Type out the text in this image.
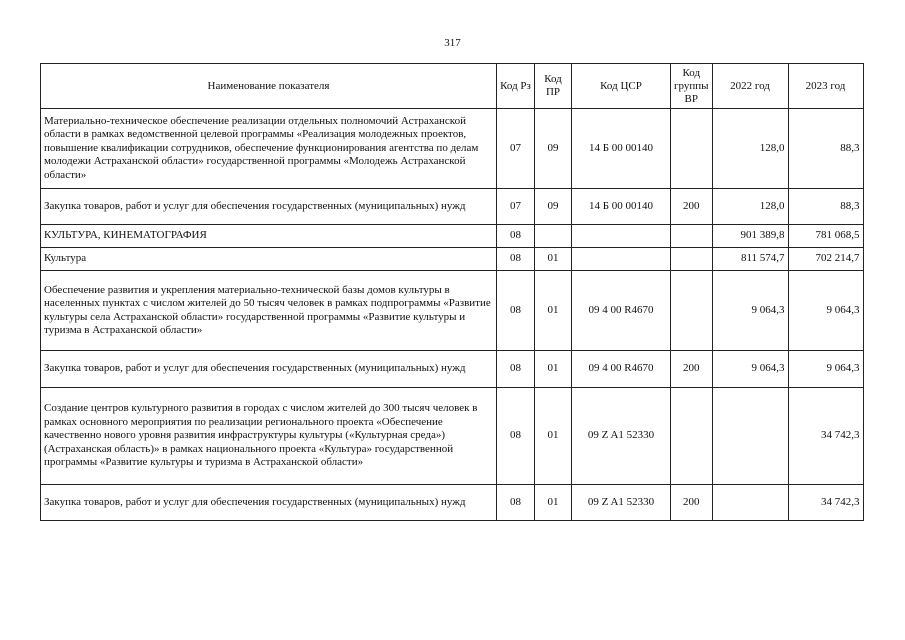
317
Наименование показателя	Код Рз	Код ПР	Код ЦСР	Код группы ВР	2022 год	2023 год
Материально-техническое обеспечение реализации отдельных полномочий Астраханской области в рамках ведомственной целевой программы «Реализация молодежных проектов, повышение квалификации сотрудников, обеспечение функционирования агентства по делам молодежи Астраханской области» государственной программы «Молодежь Астраханской области»	07	09	14 Б 00 00140		128,0	88,3
Закупка товаров, работ и услуг для обеспечения государственных (муниципальных) нужд	07	09	14 Б 00 00140	200	128,0	88,3
КУЛЬТУРА, КИНЕМАТОГРАФИЯ	08				901 389,8	781 068,5
Культура	08	01			811 574,7	702 214,7
Обеспечение развития и укрепления материально-технической базы домов культуры в населенных пунктах с числом жителей до 50 тысяч человек в рамках подпрограммы «Развитие культуры села Астраханской области» государственной программы «Развитие культуры и туризма в Астраханской области»	08	01	09 4 00 R4670		9 064,3	9 064,3
Закупка товаров, работ и услуг для обеспечения государственных (муниципальных) нужд	08	01	09 4 00 R4670	200	9 064,3	9 064,3
Создание центров культурного развития в городах с числом жителей до 300 тысяч человек в рамках основного мероприятия по реализации регионального проекта «Обеспечение качественно нового уровня развития инфраструктуры культуры («Культурная среда») (Астраханская область)» в рамках национального проекта «Культура» государственной программы «Развитие культуры и туризма в Астраханской области»	08	01	09 Z A1 52330			34 742,3
Закупка товаров, работ и услуг для обеспечения государственных (муниципальных) нужд	08	01	09 Z A1 52330	200		34 742,3
